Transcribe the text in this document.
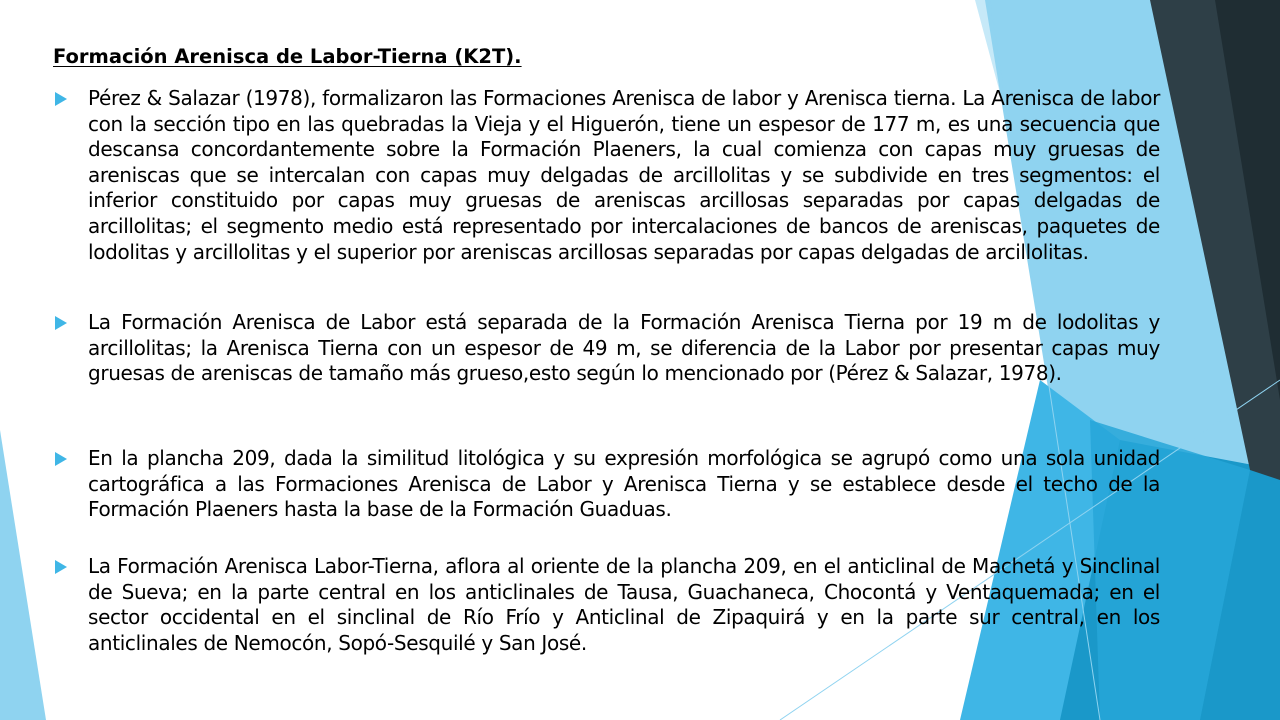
Formación Arenisca de Labor-Tierna (K2T).
Pérez & Salazar (1978), formalizaron las Formaciones Arenisca de labor y Arenisca tierna. La Arenisca de labor con la sección tipo en las quebradas la Vieja y el Higuerón, tiene un espesor de 177 m, es una secuencia que descansa concordantemente sobre la Formación Plaeners, la cual comienza con capas muy gruesas de areniscas que se intercalan con capas muy delgadas de arcillolitas y se subdivide en tres segmentos: el inferior constituido por capas muy gruesas de areniscas arcillosas separadas por capas delgadas de arcillolitas; el segmento medio está representado por intercalaciones de bancos de areniscas, paquetes de lodolitas y arcillolitas y el superior por areniscas arcillosas separadas por capas delgadas de arcillolitas.
La Formación Arenisca de Labor está separada de la Formación Arenisca Tierna por 19 m de lodolitas y arcillolitas; la Arenisca Tierna con un espesor de 49 m, se diferencia de la Labor por presentar capas muy gruesas de areniscas de tamaño más grueso,esto según lo mencionado por (Pérez & Salazar, 1978).
En la plancha 209, dada la similitud litológica y su expresión morfológica se agrupó como una sola unidad cartográfica a las Formaciones Arenisca de Labor y Arenisca Tierna y se establece desde el techo de la Formación Plaeners hasta la base de la Formación Guaduas.
La Formación Arenisca Labor-Tierna, aflora al oriente de la plancha 209, en el anticlinal de Machetá y Sinclinal de Sueva; en la parte central en los anticlinales de Tausa, Guachaneca, Chocontá y Ventaquemada; en el sector occidental en el sinclinal de Río Frío y Anticlinal de Zipaquirá y en la parte sur central, en los anticlinales de Nemocón, Sopó-Sesquilé y San José.
